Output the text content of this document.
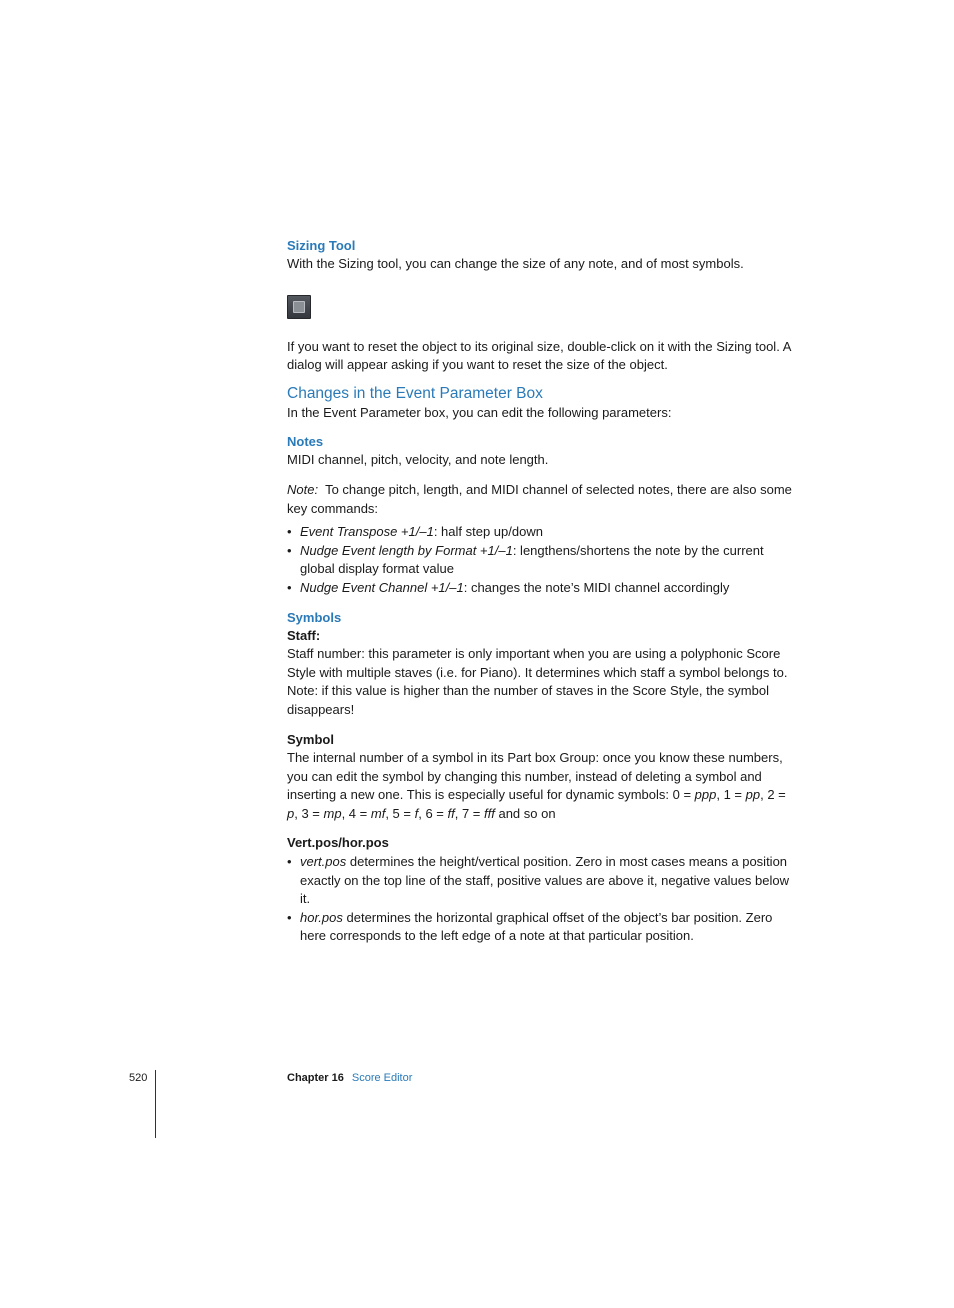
Sizing Tool

With the Sizing tool, you can change the size of any note, and of most symbols.

If you want to reset the object to its original size, double-click on it with the Sizing tool. A dialog will appear asking if you want to reset the size of the object.

Changes in the Event Parameter Box

In the Event Parameter box, you can edit the following parameters:

Notes

MIDI channel, pitch, velocity, and note length.

Note: To change pitch, length, and MIDI channel of selected notes, there are also some key commands:

• Event Transpose +1/–1: half step up/down
• Nudge Event length by Format +1/–1: lengthens/shortens the note by the current global display format value
• Nudge Event Channel +1/–1: changes the note’s MIDI channel accordingly
Symbols

Staff:

Staff number: this parameter is only important when you are using a polyphonic Score Style with multiple staves (i.e. for Piano). It determines which staff a symbol belongs to. Note: if this value is higher than the number of staves in the Score Style, the symbol disappears!

Symbol

The internal number of a symbol in its Part box Group: once you know these numbers, you can edit the symbol by changing this number, instead of deleting a symbol and inserting a new one. This is especially useful for dynamic symbols: 0 = ppp, 1 = pp, 2 = p, 3 = mp, 4 = mf, 5 = f, 6 = ff, 7 = fff and so on

Vert.pos/hor.pos

• vert.pos determines the height/vertical position. Zero in most cases means a position exactly on the top line of the staff, positive values are above it, negative values below it.
• hor.pos determines the horizontal graphical offset of the object’s bar position. Zero here corresponds to the left edge of a note at that particular position.
520	Chapter 16 Score Editor
